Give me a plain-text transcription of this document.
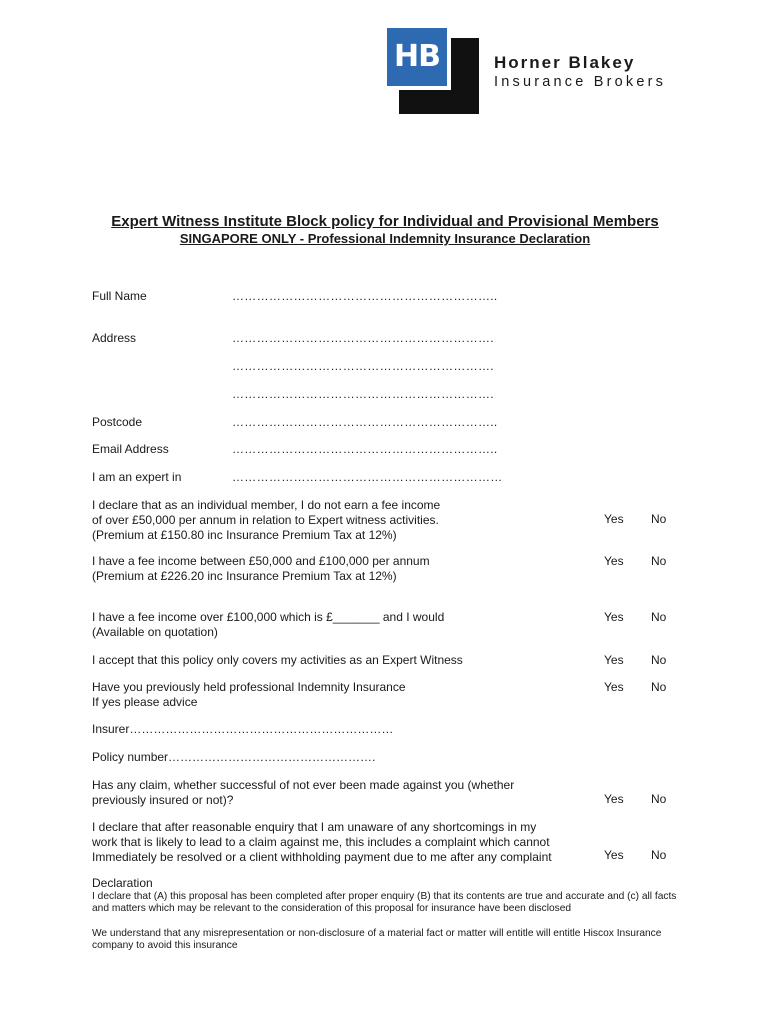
HB	Horner Blakey
Insurance Brokers
Expert Witness Institute Block policy for Individual and Provisional Members
SINGAPORE ONLY - Professional Indemnity Insurance Declaration
Full Name	………………………………………………………..
Address	……………………………………………………….
……………………………………………………….
……………………………………………………….
Postcode	………………………………………………………..
Email Address	………………………………………………………..
I am an expert in	…………………………………………………………
I declare that as an individual member, I do not earn a fee income
of over £50,000 per annum in relation to Expert witness activities.
(Premium at £150.80 inc Insurance Premium Tax at 12%)
Yes No
I have a fee income between £50,000 and £100,000 per annum
(Premium at £226.20 inc Insurance Premium Tax at 12%)
Yes No
I have a fee income over £100,000 which is £_______ and I would
(Available on quotation)
Yes No
I accept that this policy only covers my activities as an Expert Witness	Yes No
Have you previously held professional Indemnity Insurance
If yes please advice
Yes No
Insurer…………………………………………………………
Policy number…………………………………………….
Has any claim, whether successful of not ever been made against you (whether
previously insured or not)?	Yes No
I declare that after reasonable enquiry that I am unaware of any shortcomings in my
work that is likely to lead to a claim against me, this includes a complaint which cannot
Immediately be resolved or a client withholding payment due to me after any complaint	Yes No
Declaration
I declare that (A) this proposal has been completed after proper enquiry (B) that its contents are true and accurate and (c) all facts and matters which may be relevant to the consideration of this proposal for insurance have been disclosed
We understand that any misrepresentation or non-disclosure of a material fact or matter will entitle will entitle Hiscox Insurance company to avoid this insurance
